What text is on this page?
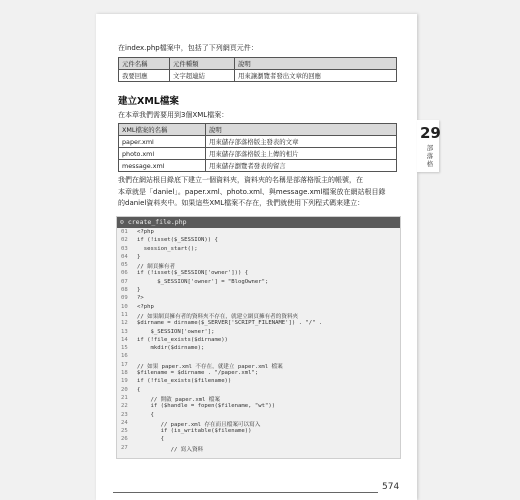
29
部落格
在index.php檔案中，包括了下列網頁元件：
元件名稱	元件種類	說明
我要回應	文字超連結	用來讓瀏覽者發出文章的回應
建立XML檔案
在本章我們需要用到3個XML檔案：
XML檔案的名稱	說明
paper.xml	用來儲存部落格版主發表的文章
photo.xml	用來儲存部落格版主上傳的相片
message.xml	用來儲存瀏覽者發表的留言
我們在網站根目錄底下建立一個資料夾，資料夾的名稱是部落格版主的帳號，在
本章就是「daniel」。paper.xml、photo.xml、與message.xml檔案放在網站根目錄
的daniel資料夾中。如果這些XML檔案不存在，我們就使用下列程式碼來建立：
⊙ create_file.php
01 <?php
02 if (!isset($_SESSION)) {
03 session_start();
04 }
05 // 網頁擁有者
06 if (!isset($_SESSION['owner'])) {
07 $_SESSION['owner'] = "BlogOwner";
08 }
09 ?>
10 <?php
11 // 如果網頁擁有者的資料夾不存在，就建立網頁擁有者的資料夾
12 $dirname = dirname($_SERVER['SCRIPT_FILENAME']) . "/" .
13 $_SESSION['owner'];
14 if (!file_exists($dirname))
15 mkdir($dirname);
16
17 // 如果 paper.xml 不存在，就建立 paper.xml 檔案
18 $filename = $dirname . "/paper.xml";
19 if (!file_exists($filename))
20 {
21 // 開啟 paper.xml 檔案
22 if ($handle = fopen($filename, "wt"))
23 {
24 // paper.xml 存在而且檔案可以寫入
25 if (is_writable($filename))
26 {
27 // 寫入資料
574
